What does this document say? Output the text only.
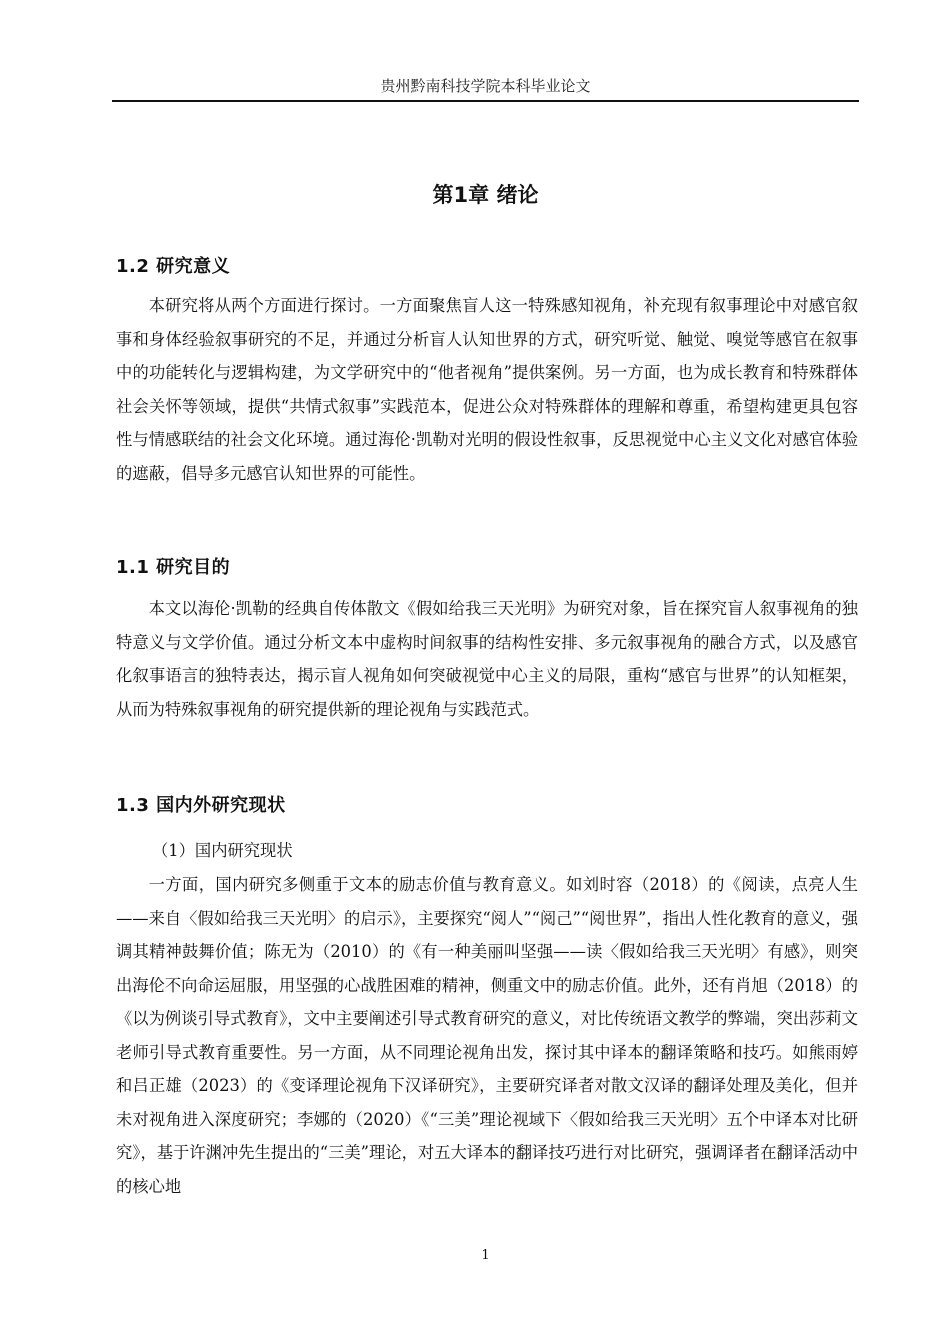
贵州黔南科技学院本科毕业论文
第1章 绪论
1.2 研究意义

本研究将从两个方面进行探讨。一方面聚焦盲人这一特殊感知视角，补充现有叙事理论中对感官叙事和身体经验叙事研究的不足，并通过分析盲人认知世界的方式，研究听觉、触觉、嗅觉等感官在叙事中的功能转化与逻辑构建，为文学研究中的“他者视角”提供案例。另一方面，也为成长教育和特殊群体社会关怀等领域，提供“共情式叙事”实践范本，促进公众对特殊群体的理解和尊重，希望构建更具包容性与情感联结的社会文化环境。通过海伦·凯勒对光明的假设性叙事，反思视觉中心主义文化对感官体验的遮蔽，倡导多元感官认知世界的可能性。

1.1 研究目的

本文以海伦·凯勒的经典自传体散文《假如给我三天光明》为研究对象，旨在探究盲人叙事视角的独特意义与文学价值。通过分析文本中虚构时间叙事的结构性安排、多元叙事视角的融合方式，以及感官化叙事语言的独特表达，揭示盲人视角如何突破视觉中心主义的局限，重构“感官与世界”的认知框架，从而为特殊叙事视角的研究提供新的理论视角与实践范式。

1.3 国内外研究现状
（1）国内研究现状

一方面，国内研究多侧重于文本的励志价值与教育意义。如刘时容（2018）的《阅读，点亮人生——来自〈假如给我三天光明〉的启示》，主要探究“阅人”“阅己”“阅世界”，指出人性化教育的意义，强调其精神鼓舞价值；陈无为（2010）的《有一种美丽叫坚强——读〈假如给我三天光明〉有感》，则突出海伦不向命运屈服，用坚强的心战胜困难的精神，侧重文中的励志价值。此外，还有肖旭（2018）的《以为例谈引导式教育》，文中主要阐述引导式教育研究的意义，对比传统语文教学的弊端，突出莎莉文老师引导式教育重要性。另一方面，从不同理论视角出发，探讨其中译本的翻译策略和技巧。如熊雨婷和吕正雄（2023）的《变译理论视角下汉译研究》，主要研究译者对散文汉译的翻译处理及美化，但并未对视角进入深度研究；李娜的（2020）《“三美”理论视域下〈假如给我三天光明〉五个中译本对比研究》，基于许渊冲先生提出的“三美”理论，对五大译本的翻译技巧进行对比研究，强调译者在翻译活动中的核心地

1
